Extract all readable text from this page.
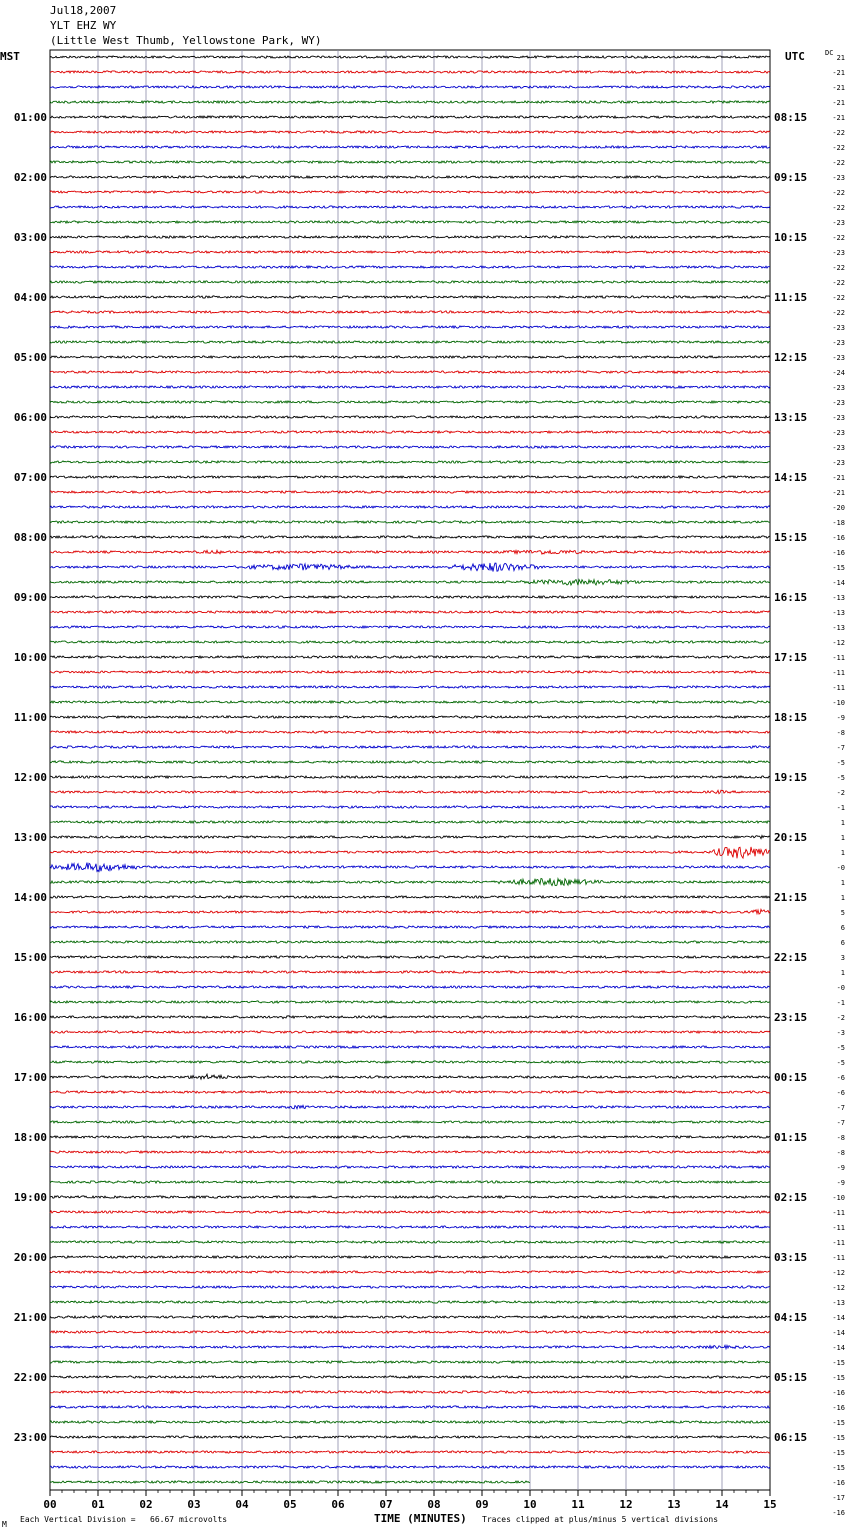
Jul18,2007
YLT EHZ WY
(Little West Thumb, Yellowstone Park, WY)
MST	UTC
01:00
02:00
03:00
04:00
05:00
06:00
07:00
08:00
09:00
10:00
11:00
12:00
13:00
14:00
15:00
16:00
17:00
18:00
19:00
20:00
21:00
22:00
23:00
08:15
09:15
10:15
11:15
12:15
13:15
14:15
15:15
16:15
17:15
18:15
19:15
20:15
21:15
22:15
23:15
00:15
01:15
02:15
03:15
04:15
05:15
06:15
DC
21
-21
-21
-21
-21
-22
-22
-22
-23
-22
-22
-23
-22
-23
-22
-22
-22
-22
-23
-23
-23
-24
-23
-23
-23
-23
-23
-23
-21
-21
-20
-18
-16
-16
-15
-14
-13
-13
-13
-12
-11
-11
-11
-10
-9
-8
-7
-5
-5
-2
-1
1
1
1
-0
1
1
5
6
6
3
1
-0
-1
-2
-3
-5
-5
-6
-6
-7
-7
-8
-8
-9
-9
-10
-11
-11
-11
-11
-12
-12
-13
-14
-14
-14
-15
-15
-16
-16
-15
-15
-15
-15
-16
-17
-16
00	01	02	03	04	05	06	07	08	09	10	11	12	13	14	15
M
Each Vertical Division =   66.67 microvolts	TIME (MINUTES) Traces clipped at plus/minus 5 vertical divisions
